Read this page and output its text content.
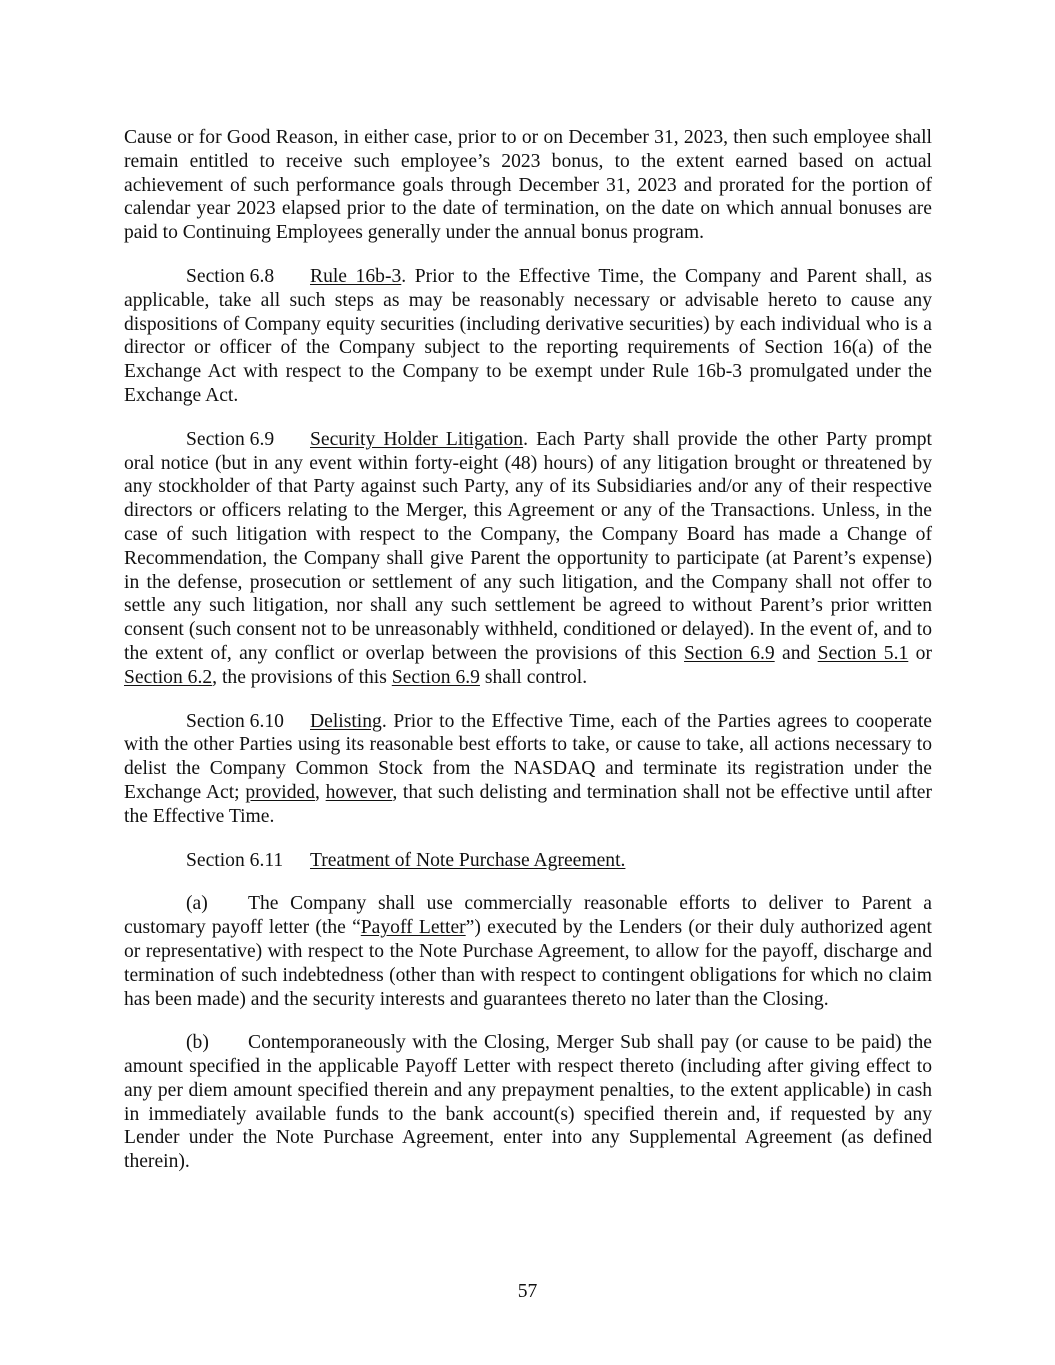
Cause or for Good Reason, in either case, prior to or on December 31, 2023, then such employee shall remain entitled to receive such employee’s 2023 bonus, to the extent earned based on actual achievement of such performance goals through December 31, 2023 and prorated for the portion of calendar year 2023 elapsed prior to the date of termination, on the date on which annual bonuses are paid to Continuing Employees generally under the annual bonus program.

Section 6.8 Rule 16b-3. Prior to the Effective Time, the Company and Parent shall, as applicable, take all such steps as may be reasonably necessary or advisable hereto to cause any dispositions of Company equity securities (including derivative securities) by each individual who is a director or officer of the Company subject to the reporting requirements of Section 16(a) of the Exchange Act with respect to the Company to be exempt under Rule 16b-3 promulgated under the Exchange Act.

Section 6.9 Security Holder Litigation. Each Party shall provide the other Party prompt oral notice (but in any event within forty-eight (48) hours) of any litigation brought or threatened by any stockholder of that Party against such Party, any of its Subsidiaries and/or any of their respective directors or officers relating to the Merger, this Agreement or any of the Transactions. Unless, in the case of such litigation with respect to the Company, the Company Board has made a Change of Recommendation, the Company shall give Parent the opportunity to participate (at Parent’s expense) in the defense, prosecution or settlement of any such litigation, and the Company shall not offer to settle any such litigation, nor shall any such settlement be agreed to without Parent’s prior written consent (such consent not to be unreasonably withheld, conditioned or delayed). In the event of, and to the extent of, any conflict or overlap between the provisions of this Section 6.9 and Section 5.1 or Section 6.2, the provisions of this Section 6.9 shall control.

Section 6.10 Delisting. Prior to the Effective Time, each of the Parties agrees to cooperate with the other Parties using its reasonable best efforts to take, or cause to take, all actions necessary to delist the Company Common Stock from the NASDAQ and terminate its registration under the Exchange Act; provided, however, that such delisting and termination shall not be effective until after the Effective Time.

Section 6.11 Treatment of Note Purchase Agreement.

(a) The Company shall use commercially reasonable efforts to deliver to Parent a customary payoff letter (the “Payoff Letter”) executed by the Lenders (or their duly authorized agent or representative) with respect to the Note Purchase Agreement, to allow for the payoff, discharge and termination of such indebtedness (other than with respect to contingent obligations for which no claim has been made) and the security interests and guarantees thereto no later than the Closing.

(b) Contemporaneously with the Closing, Merger Sub shall pay (or cause to be paid) the amount specified in the applicable Payoff Letter with respect thereto (including after giving effect to any per diem amount specified therein and any prepayment penalties, to the extent applicable) in cash in immediately available funds to the bank account(s) specified therein and, if requested by any Lender under the Note Purchase Agreement, enter into any Supplemental Agreement (as defined therein).

57
